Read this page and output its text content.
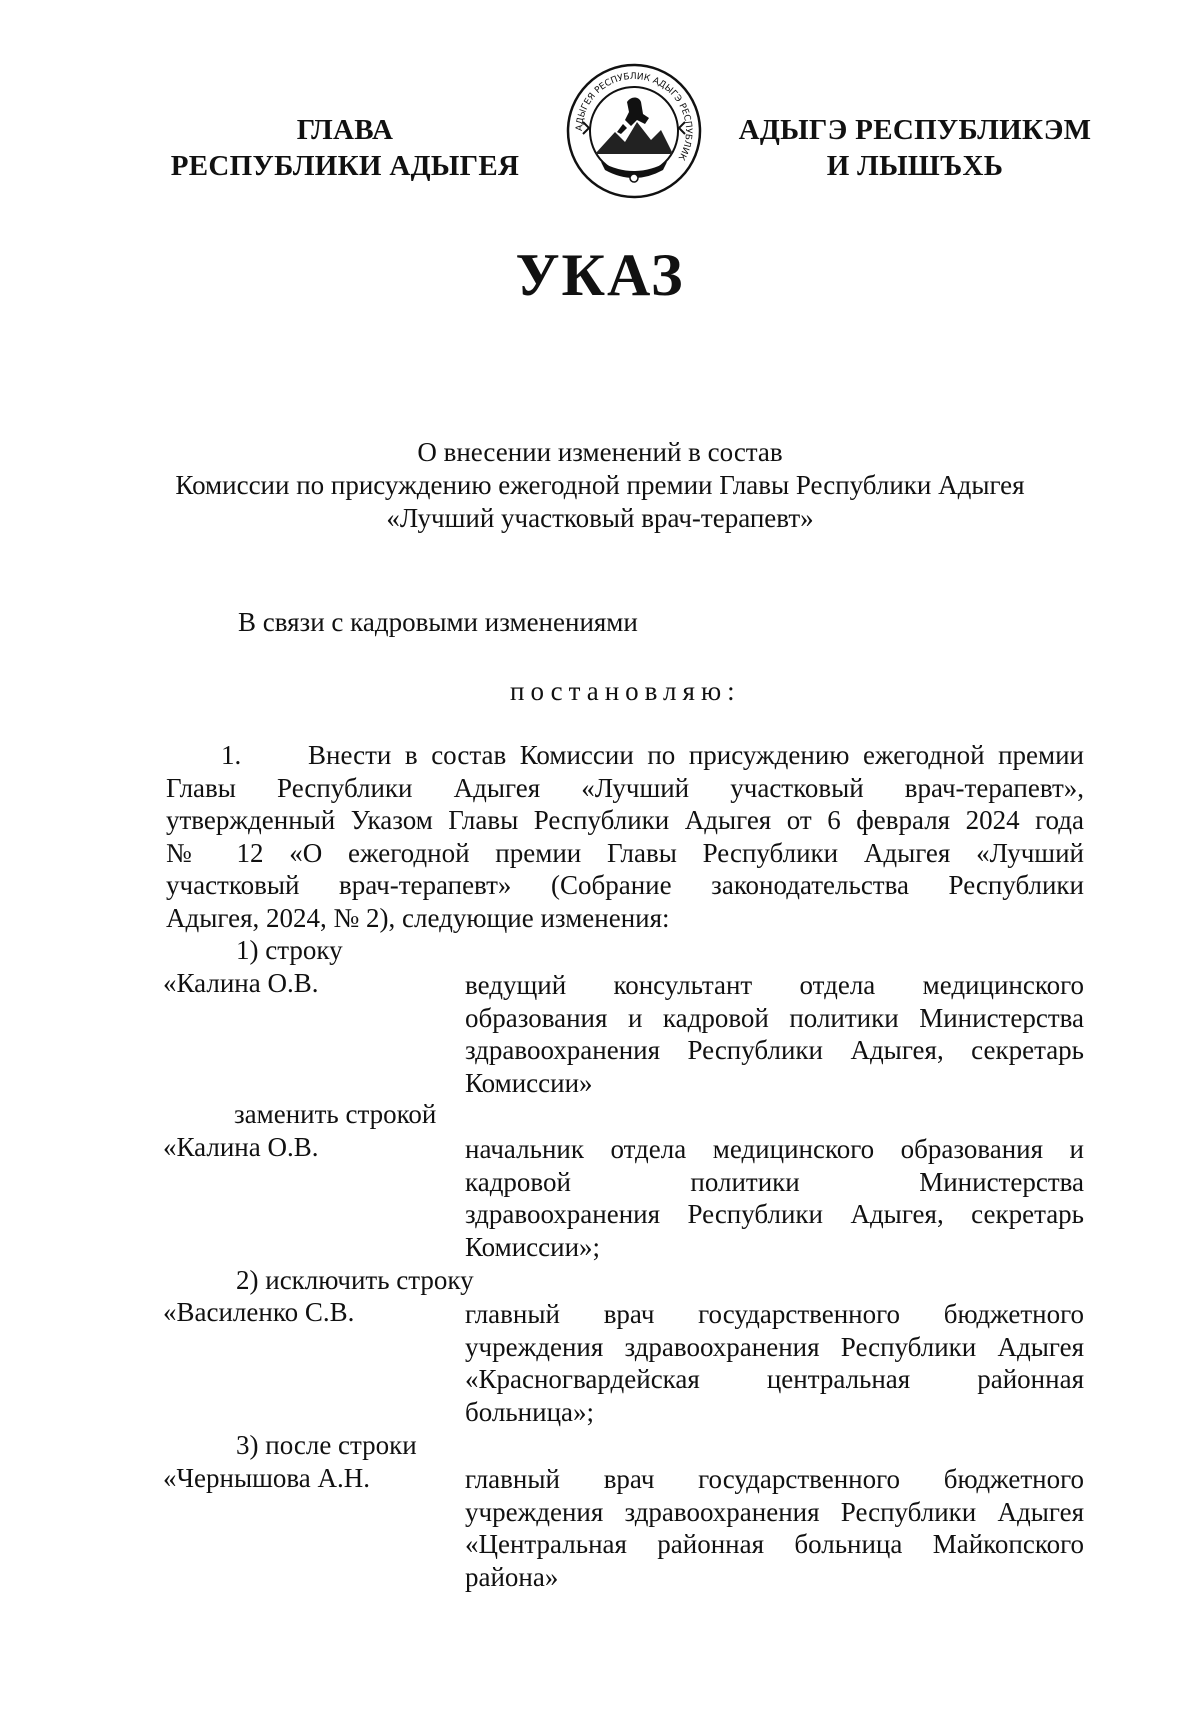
ГЛАВА
РЕСПУБЛИКИ АДЫГЕЯ
АДЫГЕЯ РЕСПУБЛИК АДЫГЭ РЕСПУБЛИК
АДЫГЭ РЕСПУБЛИКЭМ
И ЛЫШЪХЬ
УКАЗ
О внесении изменений в состав
Комиссии по присуждению ежегодной премии Главы Республики Адыгея
«Лучший участковый врач-терапевт»
В связи с кадровыми изменениями
постановляю:
1.	Внести в состав Комиссии по присуждению ежегодной премии
Главы Республики Адыгея «Лучший участковый врач-терапевт»,
утвержденный Указом Главы Республики Адыгея от 6 февраля 2024 года
№ 12 «О ежегодной премии Главы Республики Адыгея «Лучший
участковый врач-терапевт» (Собрание законодательства Республики
Адыгея, 2024, № 2), следующие изменения:
1) строку
«Калина О.В.	ведущий консультант отдела медицинского
образования и кадровой политики Министерства
здравоохранения Республики Адыгея, секретарь
Комиссии»
заменить строкой
«Калина О.В.	начальник отдела медицинского образования и
кадровой политики Министерства
здравоохранения Республики Адыгея, секретарь
Комиссии»;
2) исключить строку
«Василенко С.В.	главный врач государственного бюджетного
учреждения здравоохранения Республики Адыгея
«Красногвардейская центральная районная
больница»;
3) после строки
«Чернышова А.Н.	главный врач государственного бюджетного
учреждения здравоохранения Республики Адыгея
«Центральная районная больница Майкопского
района»
